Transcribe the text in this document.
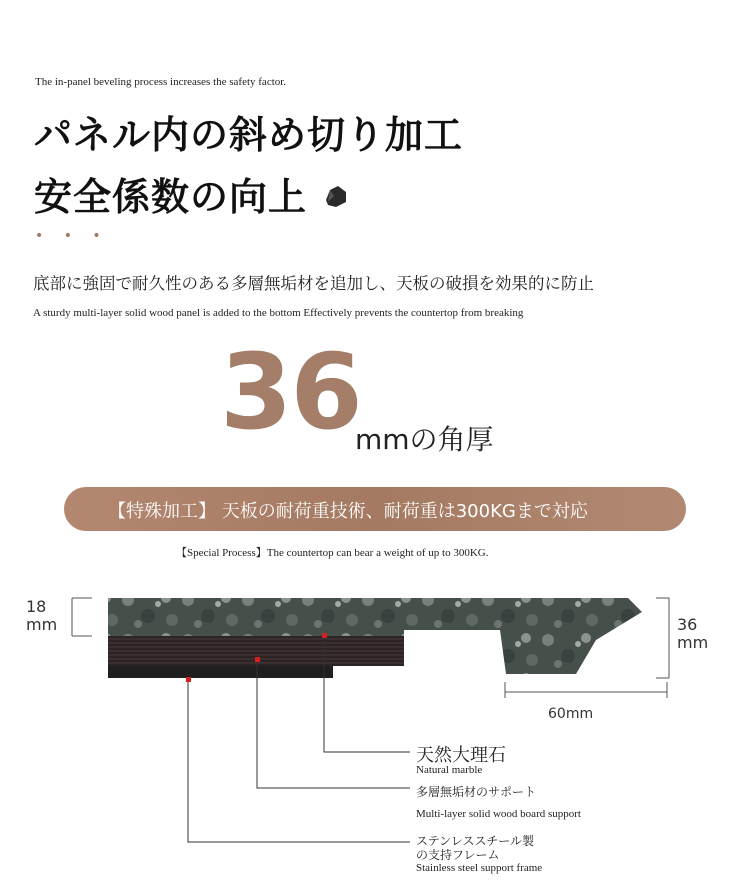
The in-panel beveling process increases the safety factor.
パネル内の斜め切り加工
安全係数の向上
• • •
底部に強固で耐久性のある多層無垢材を追加し、天板の破損を効果的に防止
A sturdy multi-layer solid wood panel is added to the bottom Effectively prevents the countertop from breaking
36
mmの角厚
【特殊加工】 天板の耐荷重技術、耐荷重は300KGまで対応
【Special Process】The countertop can bear a weight of up to 300KG.
18
mm	36
mm
60mm
天然大理石
Natural marble
多層無垢材のサポート
Multi-layer solid wood board support
ステンレススチール製
の支持フレーム
Stainless steel support frame
